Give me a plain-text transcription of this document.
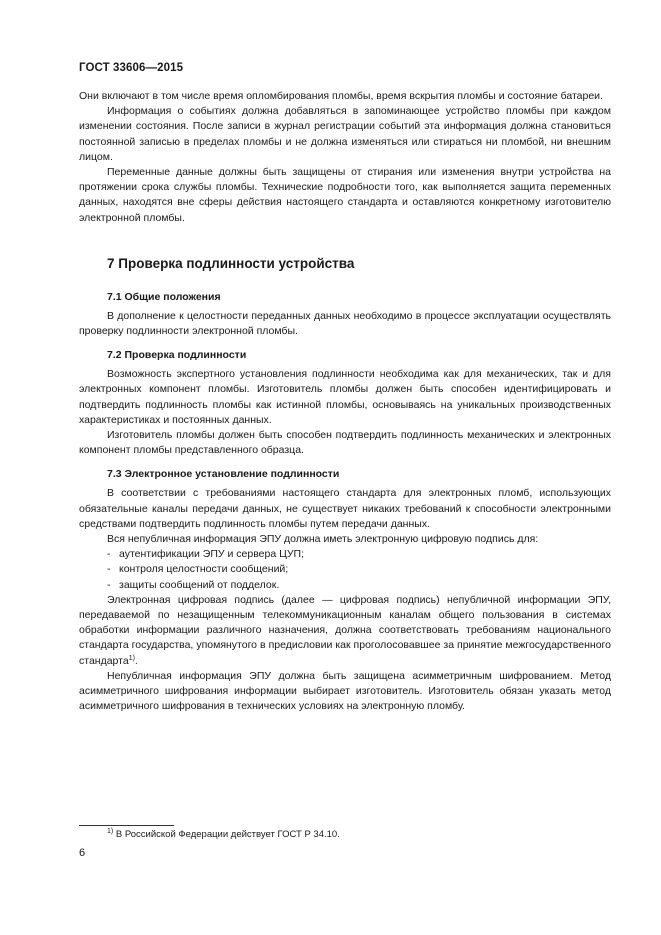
ГОСТ 33606—2015

Они включают в том числе время опломбирования пломбы, время вскрытия пломбы и состояние батареи.

Информация о событиях должна добавляться в запоминающее устройство пломбы при каждом изменении состояния. После записи в журнал регистрации событий эта информация должна становиться постоянной записью в пределах пломбы и не должна изменяться или стираться ни пломбой, ни внешним лицом.

Переменные данные должны быть защищены от стирания или изменения внутри устройства на протяжении срока службы пломбы. Технические подробности того, как выполняется защита переменных данных, находятся вне сферы действия настоящего стандарта и оставляются конкретному изготовителю электронной пломбы.

7 Проверка подлинности устройства
7.1 Общие положения

В дополнение к целостности переданных данных необходимо в процессе эксплуатации осуществлять проверку подлинности электронной пломбы.

7.2 Проверка подлинности

Возможность экспертного установления подлинности необходима как для механических, так и для электронных компонент пломбы. Изготовитель пломбы должен быть способен идентифицировать и подтвердить подлинность пломбы как истинной пломбы, основываясь на уникальных производственных характеристиках и постоянных данных.

Изготовитель пломбы должен быть способен подтвердить подлинность механических и электронных компонент пломбы представленного образца.

7.3 Электронное установление подлинности

В соответствии с требованиями настоящего стандарта для электронных пломб, использующих обязательные каналы передачи данных, не существует никаких требований к способности электронными средствами подтвердить подлинность пломбы путем передачи данных.

Вся непубличная информация ЭПУ должна иметь электронную цифровую подпись для:

- аутентификации ЭПУ и сервера ЦУП;
- контроля целостности сообщений;
- защиты сообщений от подделок.

Электронная цифровая подпись (далее — цифровая подпись) непубличной информации ЭПУ, передаваемой по незащищенным телекоммуникационным каналам общего пользования в системах обработки информации различного назначения, должна соответствовать требованиям национального стандарта государства, упомянутого в предисловии как проголосовавшее за принятие межгосударственного стандарта$^{1)}$.

Непубличная информация ЭПУ должна быть защищена асимметричным шифрованием. Метод асимметричного шифрования информации выбирает изготовитель. Изготовитель обязан указать метод асимметричного шифрования в технических условиях на электронную пломбу.

$^{1)}$ В Российской Федерации действует ГОСТ Р 34.10.
6
